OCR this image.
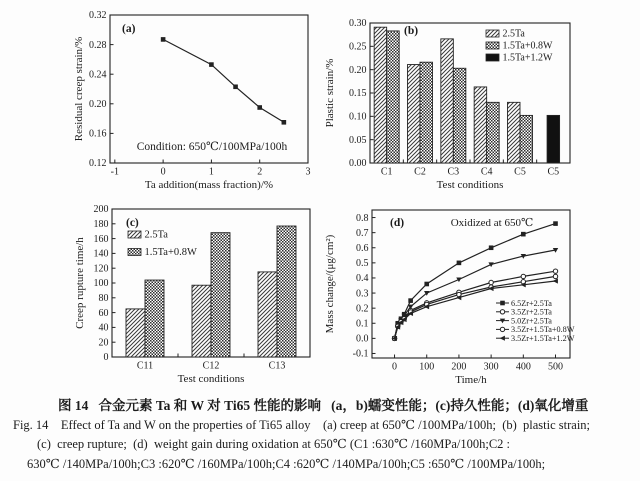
0.12
0.16
0.20
0.24
0.28
0.32
-1	0	1	2	3
Ta addition(mass fraction)/%
Residual creep strain/%
(a)
Condition: 650℃/100MPa/100h
0.00
0.05
0.10
0.15
0.20
0.25
0.30
C1 C2 C3 C4 C5 C5
Test conditions
Plastic strain/%
(b)	2.5Ta
1.5Ta+0.8W
1.5Ta+1.2W
0
20
40
60
80
100
120
140
160
180
200
C11	C12	C13
Test conditions
Creep rupture time/h
(c)
2.5Ta
1.5Ta+0.8W
-0.1
0.0
0.1
0.2
0.3
0.4
0.5
0.6
0.7
0.8
0 100 200 300 400 500
Time/h
Mass change/(μg/cm²)
(d)	Oxidized at 650℃
6.5Zr+2.5Ta
3.5Zr+2.5Ta
5.0Zr+2.5Ta
3.5Zr+1.5Ta+0.8W
3.5Zr+1.5Ta+1.2W
图 14   合金元素 Ta 和 W 对 Ti65 性能的影响   (a，b)蠕变性能；(c)持久性能；(d)氧化增重
Fig. 14    Effect of Ta and W on the properties of Ti65 alloy    (a) creep at 650℃ /100MPa/100h;  (b)  plastic strain;
(c)  creep rupture;  (d)  weight gain during oxidation at 650℃ (C1 :630℃ /160MPa/100h;C2 :
630℃ /140MPa/100h;C3 :620℃ /160MPa/100h;C4 :620℃ /140MPa/100h;C5 :650℃ /100MPa/100h;
